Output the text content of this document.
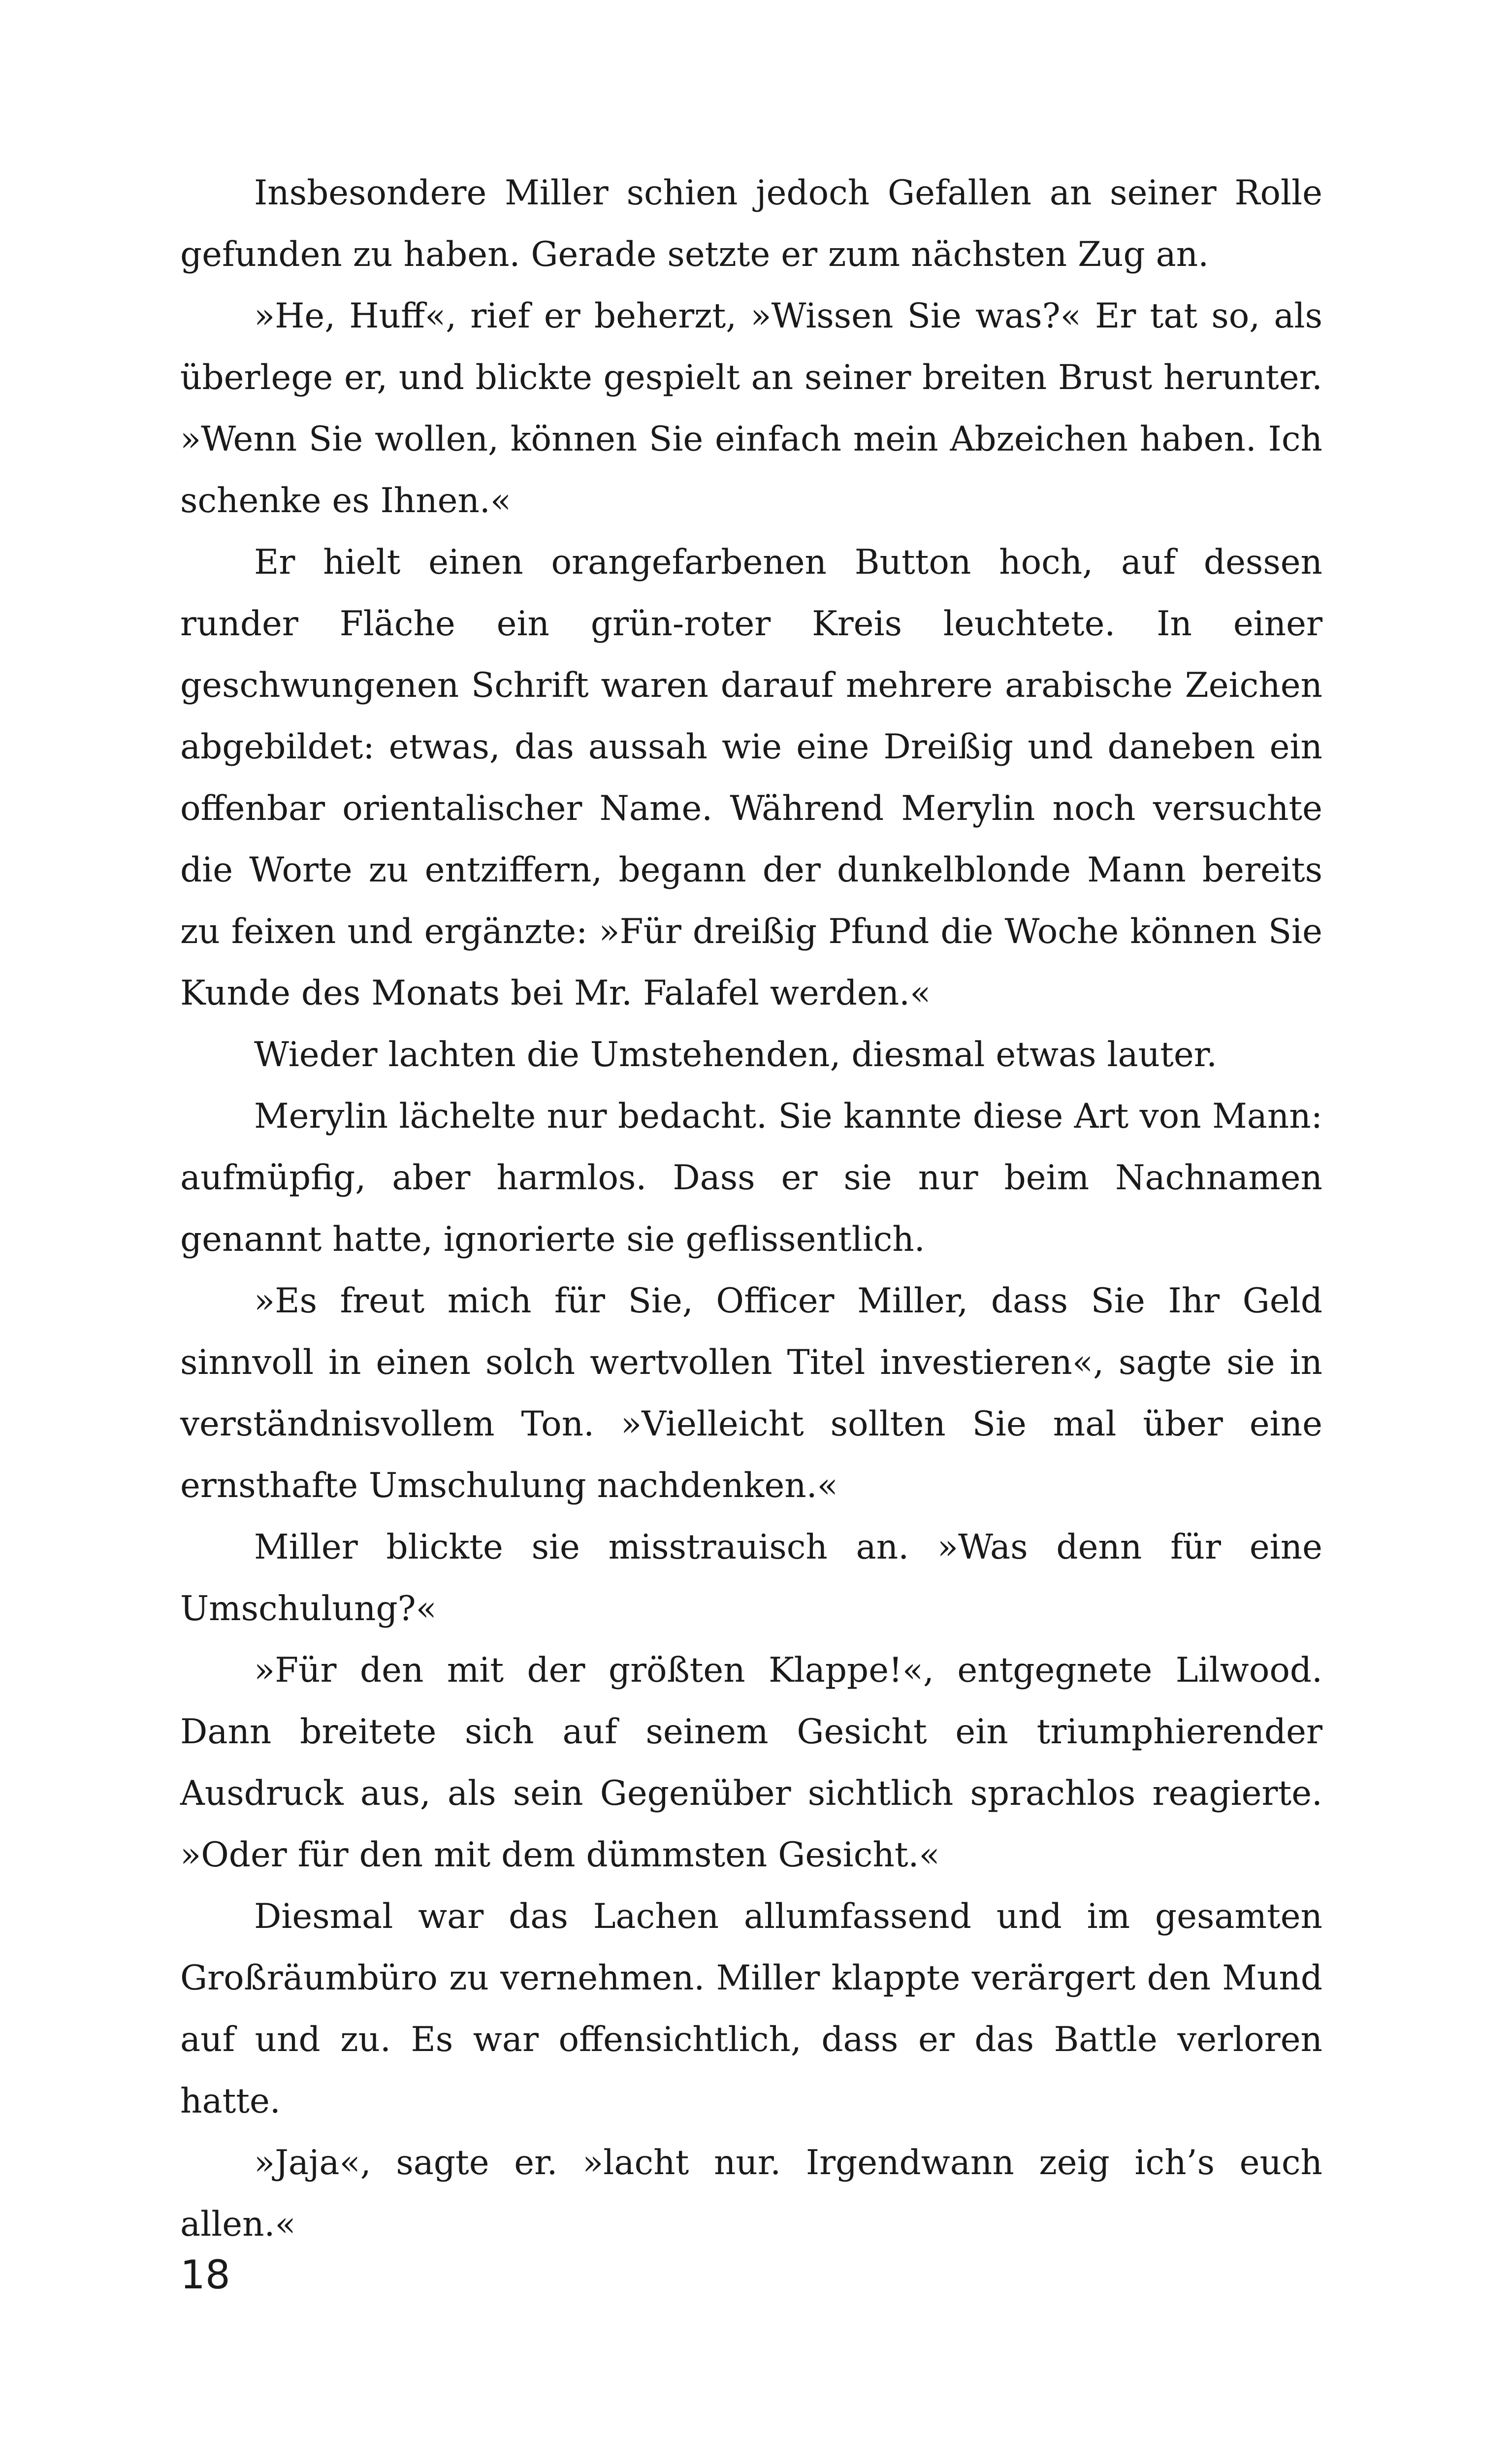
Insbesondere Miller schien jedoch Gefallen an seiner Rolle gefunden zu haben. Gerade setzte er zum nächsten Zug an.

»He, Huff«, rief er beherzt, »Wissen Sie was?« Er tat so, als überlege er, und blickte gespielt an seiner breiten Brust herunter. »Wenn Sie wollen, können Sie einfach mein Abzeichen haben. Ich schenke es Ihnen.«

Er hielt einen orangefarbenen Button hoch, auf dessen runder Fläche ein grün-roter Kreis leuchtete. In einer geschwungenen Schrift waren darauf mehrere arabische Zeichen abgebildet: etwas, das aussah wie eine Dreißig und daneben ein offenbar orientalischer Name. Während Merylin noch versuchte die Worte zu entziffern, begann der dunkelblonde Mann bereits zu feixen und ergänzte: »Für dreißig Pfund die Woche können Sie Kunde des Monats bei Mr. Falafel werden.«

Wieder lachten die Umstehenden, diesmal etwas lauter.

Merylin lächelte nur bedacht. Sie kannte diese Art von Mann: aufmüpfig, aber harmlos. Dass er sie nur beim Nachnamen genannt hatte, ignorierte sie geflissentlich.

»Es freut mich für Sie, Officer Miller, dass Sie Ihr Geld sinnvoll in einen solch wertvollen Titel investieren«, sagte sie in verständnisvollem Ton. »Vielleicht sollten Sie mal über eine ernsthafte Umschulung nachdenken.«

Miller blickte sie misstrauisch an. »Was denn für eine Umschulung?«

»Für den mit der größten Klappe!«, entgegnete Lilwood. Dann breitete sich auf seinem Gesicht ein triumphierender Ausdruck aus, als sein Gegenüber sichtlich sprachlos reagierte. »Oder für den mit dem dümmsten Gesicht.«

Diesmal war das Lachen allumfassend und im gesamten Großräumbüro zu vernehmen. Miller klappte verärgert den Mund auf und zu. Es war offensichtlich, dass er das Battle verloren hatte.

»Jaja«, sagte er. »lacht nur. Irgendwann zeig ich’s euch allen.«

18
